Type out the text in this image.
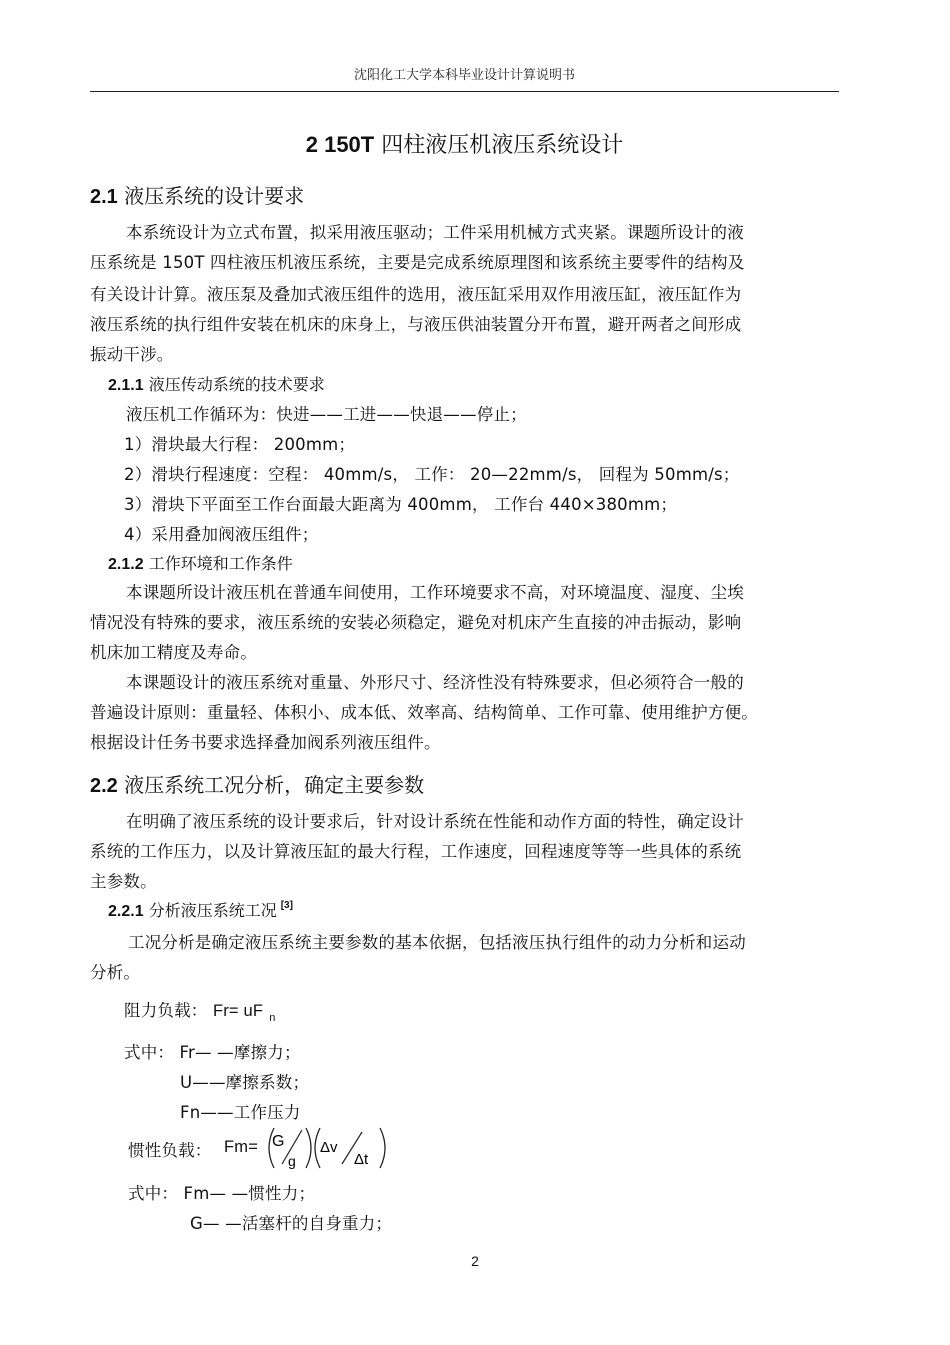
沈阳化工大学本科毕业设计计算说明书
2 150T 四柱液压机液压系统设计
2.1 液压系统的设计要求
本系统设计为立式布置，拟采用液压驱动；工件采用机械方式夹紧。课题所设计的液
压系统是 150T 四柱液压机液压系统，主要是完成系统原理图和该系统主要零件的结构及
有关设计计算。液压泵及叠加式液压组件的选用，液压缸采用双作用液压缸，液压缸作为
液压系统的执行组件安装在机床的床身上，与液压供油装置分开布置，避开两者之间形成
振动干涉。
2.1.1 液压传动系统的技术要求
液压机工作循环为：快进——工进——快退——停止；
1）滑块最大行程： 200mm；
2）滑块行程速度：空程： 40mm/s， 工作： 20—22mm/s， 回程为 50mm/s；
3）滑块下平面至工作台面最大距离为 400mm， 工作台 440×380mm；
4）采用叠加阀液压组件；
2.1.2 工作环境和工作条件
本课题所设计液压机在普通车间使用，工作环境要求不高，对环境温度、湿度、尘埃
情况没有特殊的要求，液压系统的安装必须稳定，避免对机床产生直接的冲击振动，影响
机床加工精度及寿命。
本课题设计的液压系统对重量、外形尺寸、经济性没有特殊要求，但必须符合一般的
普遍设计原则：重量轻、体积小、成本低、效率高、结构简单、工作可靠、使用维护方便。
根据设计任务书要求选择叠加阀系列液压组件。
2.2 液压系统工况分析，确定主要参数
在明确了液压系统的设计要求后，针对设计系统在性能和动作方面的特性，确定设计
系统的工作压力，以及计算液压缸的最大行程，工作速度，回程速度等等一些具体的系统
主参数。
2.2.1 分析液压系统工况 [3]
工况分析是确定液压系统主要参数的基本依据，包括液压执行组件的动力分析和运动
分析。
阻力负载： Fr= uF $_n$
式中： Fr— —摩擦力；
U——摩擦系数；
Fn——工作压力
惯性负载： Fm= G
g
Δv
Δt
式中： Fm— —惯性力；
G— —活塞杆的自身重力；
2
